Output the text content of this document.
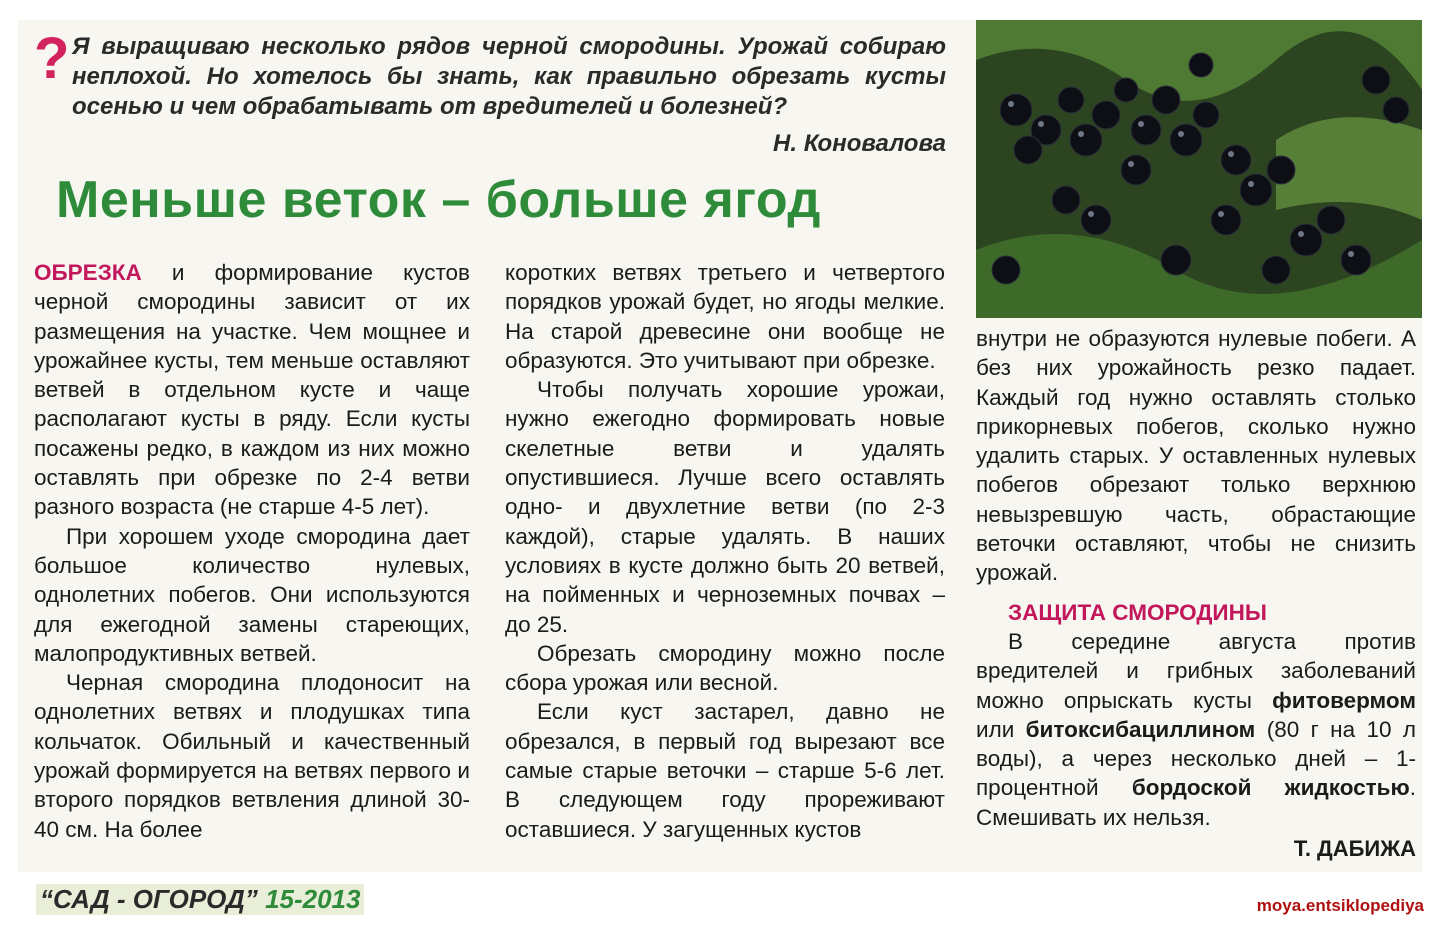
? Я выращиваю несколько рядов черной смородины. Урожай собираю неплохой. Но хотелось бы знать, как правильно обрезать кусты осенью и чем обрабатывать от вредителей и болезней?

Н. Коновалова
Меньше веток – больше ягод

ОБРЕЗКА и формирование кустов черной смородины зависит от их размещения на участке. Чем мощнее и урожайнее кусты, тем меньше оставляют ветвей в отдельном кусте и чаще располагают кусты в ряду. Если кусты посажены редко, в каждом из них можно оставлять при обрезке по 2-4 ветви разного возраста (не старше 4-5 лет).

При хорошем уходе смородина дает большое количество нулевых, однолетних побегов. Они используются для ежегодной замены стареющих, малопродуктивных ветвей.

Черная смородина плодоносит на однолетних ветвях и плодушках типа кольчаток. Обильный и качественный урожай формируется на ветвях первого и второго порядков ветвления длиной 30-40 см. На более

коротких ветвях третьего и четвертого порядков урожай будет, но ягоды мелкие. На старой древесине они вообще не образуются. Это учитывают при обрезке.

Чтобы получать хорошие урожаи, нужно ежегодно формировать новые скелетные ветви и удалять опустившиеся. Лучше всего оставлять одно- и двухлетние ветви (по 2-3 каждой), старые удалять. В наших условиях в кусте должно быть 20 ветвей, на пойменных и черноземных почвах – до 25.

Обрезать смородину можно после сбора урожая или весной.

Если куст застарел, давно не обрезался, в первый год вырезают все самые старые веточки – старше 5-6 лет. В следующем году прореживают оставшиеся. У загущенных кустов

внутри не образуются нулевые побеги. А без них урожайность резко падает. Каждый год нужно оставлять столько прикорневых побегов, сколько нужно удалить старых. У оставленных нулевых побегов обрезают только верхнюю невызревшую часть, обрастающие веточки оставляют, чтобы не снизить урожай.

ЗАЩИТА СМОРОДИНЫ

В середине августа против вредителей и грибных заболеваний можно опрыскать кусты фитовермом или битоксибациллином (80 г на 10 л воды), а через несколько дней – 1-процентной бордоской жидкостью. Смешивать их нельзя.

Т. ДАБИЖА
“САД - ОГОРОД” 15-2013	moya.entsiklopediya
